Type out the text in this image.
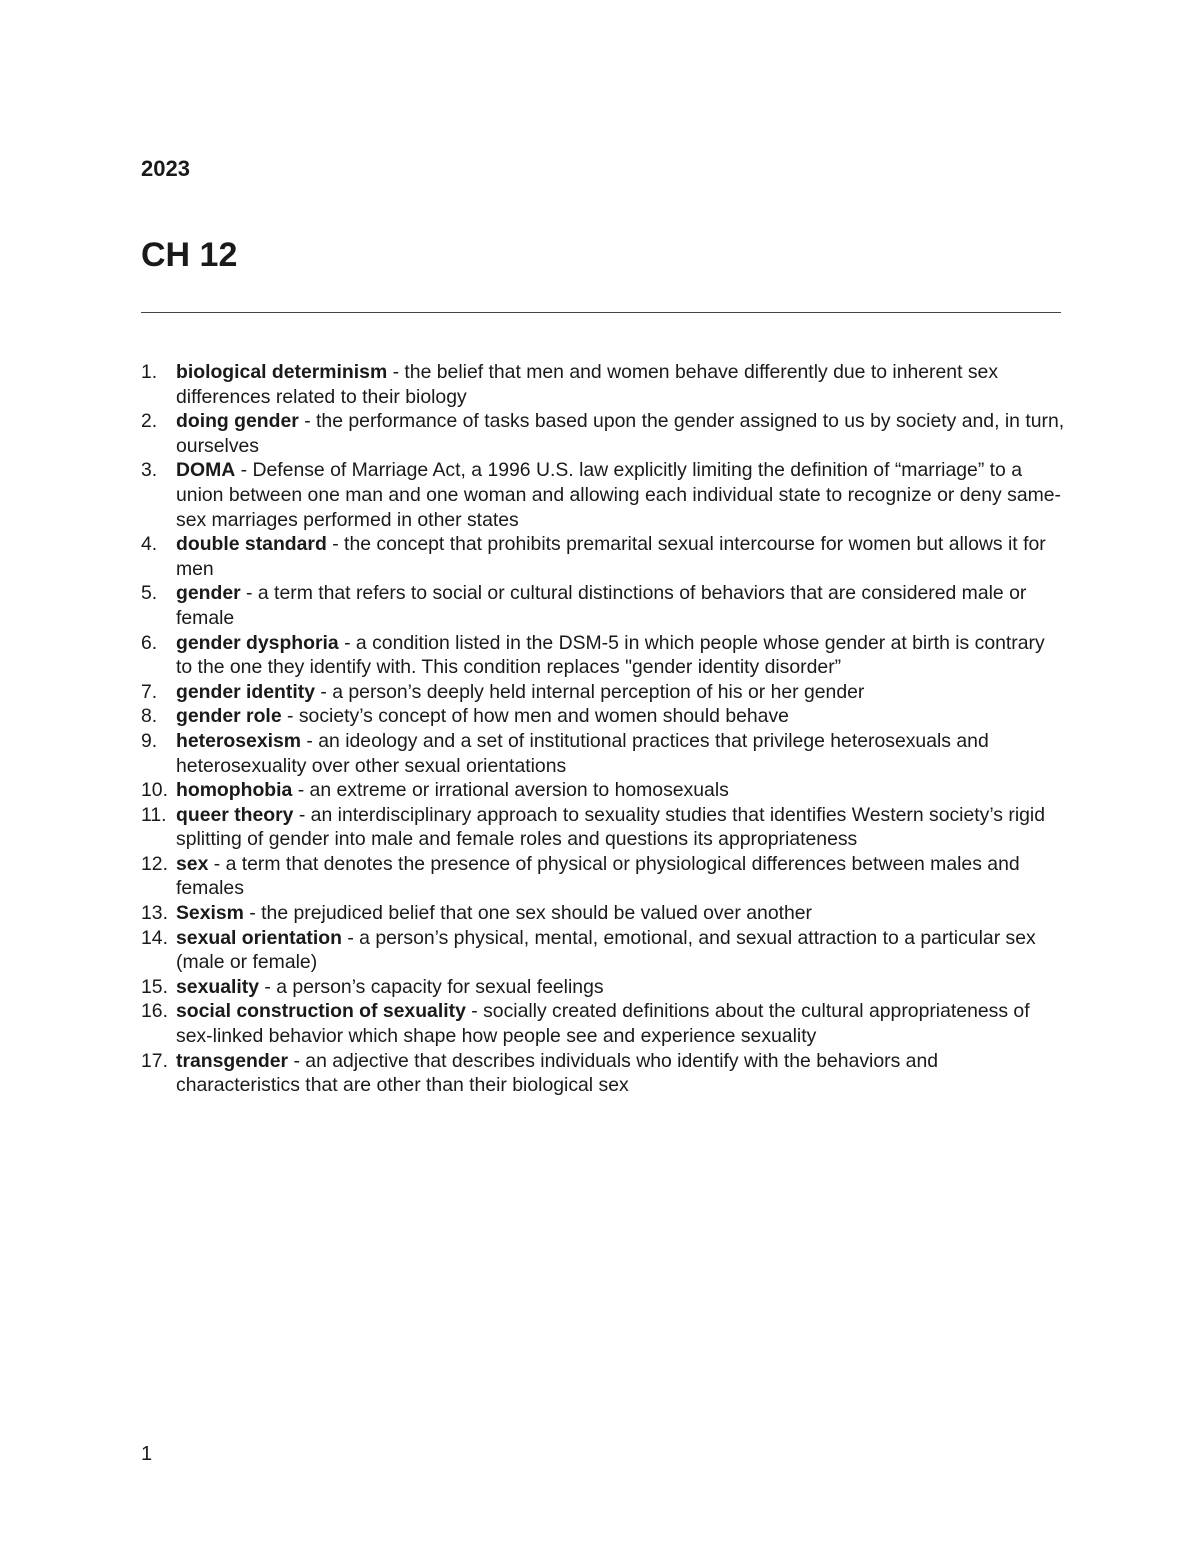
2023
CH 12
1. biological determinism - the belief that men and women behave differently due to inherent sex differences related to their biology
2. doing gender - the performance of tasks based upon the gender assigned to us by society and, in turn, ourselves
3. DOMA - Defense of Marriage Act, a 1996 U.S. law explicitly limiting the definition of “marriage” to a union between one man and one woman and allowing each individual state to recognize or deny same-sex marriages performed in other states
4. double standard - the concept that prohibits premarital sexual intercourse for women but allows it for men
5. gender - a term that refers to social or cultural distinctions of behaviors that are considered male or female
6. gender dysphoria - a condition listed in the DSM-5 in which people whose gender at birth is contrary to the one they identify with. This condition replaces "gender identity disorder”
7. gender identity - a person’s deeply held internal perception of his or her gender
8. gender role - society’s concept of how men and women should behave
9. heterosexism - an ideology and a set of institutional practices that privilege heterosexuals and heterosexuality over other sexual orientations
10. homophobia - an extreme or irrational aversion to homosexuals
11. queer theory - an interdisciplinary approach to sexuality studies that identifies Western society’s rigid splitting of gender into male and female roles and questions its appropriateness
12. sex - a term that denotes the presence of physical or physiological differences between males and females
13. Sexism - the prejudiced belief that one sex should be valued over another
14. sexual orientation - a person’s physical, mental, emotional, and sexual attraction to a particular sex (male or female)
15. sexuality - a person’s capacity for sexual feelings
16. social construction of sexuality - socially created definitions about the cultural appropriateness of sex-linked behavior which shape how people see and experience sexuality
17. transgender - an adjective that describes individuals who identify with the behaviors and characteristics that are other than their biological sex
1
